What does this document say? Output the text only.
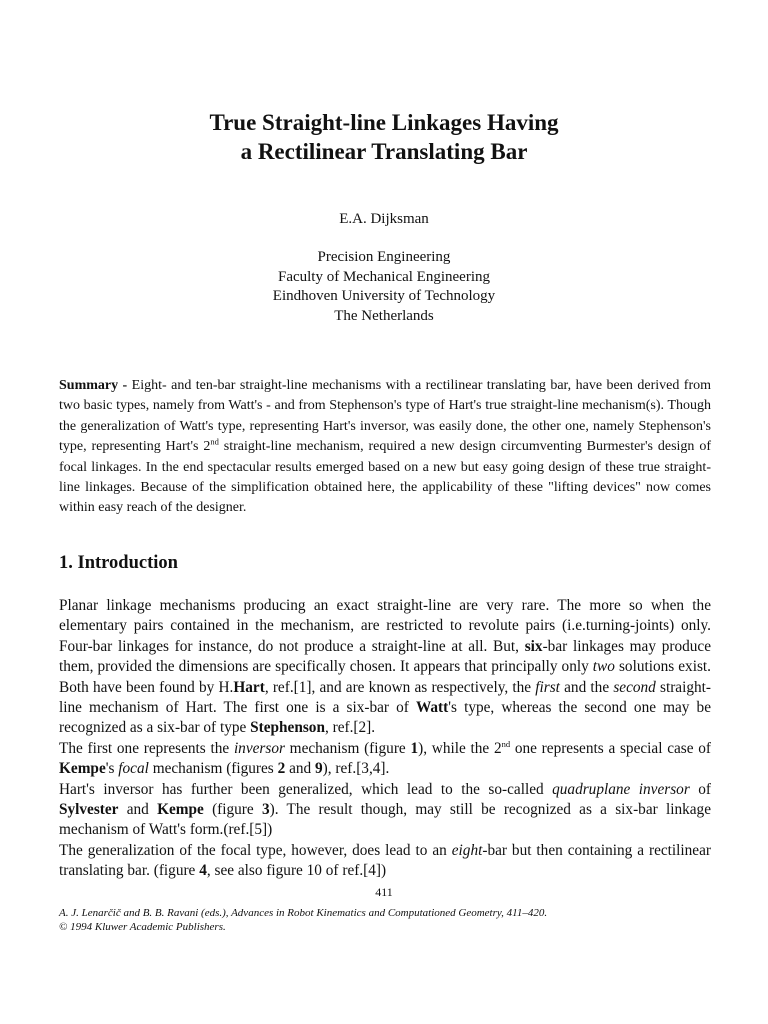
True Straight-line Linkages Having
a Rectilinear Translating Bar
E.A. Dijksman
Precision Engineering
Faculty of Mechanical Engineering
Eindhoven University of Technology
The Netherlands
Summary - Eight- and ten-bar straight-line mechanisms with a rectilinear translating bar, have been derived from two basic types, namely from Watt's - and from Stephenson's type of Hart's true straight-line mechanism(s). Though the generalization of Watt's type, representing Hart's inversor, was easily done, the other one, namely Stephenson's type, representing Hart's 2nd straight-line mechanism, required a new design circumventing Burmester's design of focal linkages. In the end spectacular results emerged based on a new but easy going design of these true straight-line linkages. Because of the simplification obtained here, the applicability of these "lifting devices" now comes within easy reach of the designer.
1. Introduction

Planar linkage mechanisms producing an exact straight-line are very rare. The more so when the elementary pairs contained in the mechanism, are restricted to revolute pairs (i.e.turning-joints) only. Four-bar linkages for instance, do not produce a straight-line at all. But, six-bar linkages may produce them, provided the dimensions are specifically chosen. It appears that principally only two solutions exist. Both have been found by H.Hart, ref.[1], and are known as respectively, the first and the second straight-line mechanism of Hart. The first one is a six-bar of Watt's type, whereas the second one may be recognized as a six-bar of type Stephenson, ref.[2].

The first one represents the inversor mechanism (figure 1), while the 2nd one represents a special case of Kempe's focal mechanism (figures 2 and 9), ref.[3,4].

Hart's inversor has further been generalized, which lead to the so-called quadruplane inversor of Sylvester and Kempe (figure 3). The result though, may still be recognized as a six-bar linkage mechanism of Watt's form.(ref.[5])

The generalization of the focal type, however, does lead to an eight-bar but then containing a rectilinear translating bar. (figure 4, see also figure 10 of ref.[4])

411
A. J. Lenarčič and B. B. Ravani (eds.), Advances in Robot Kinematics and Computationed Geometry, 411–420.
© 1994 Kluwer Academic Publishers.
